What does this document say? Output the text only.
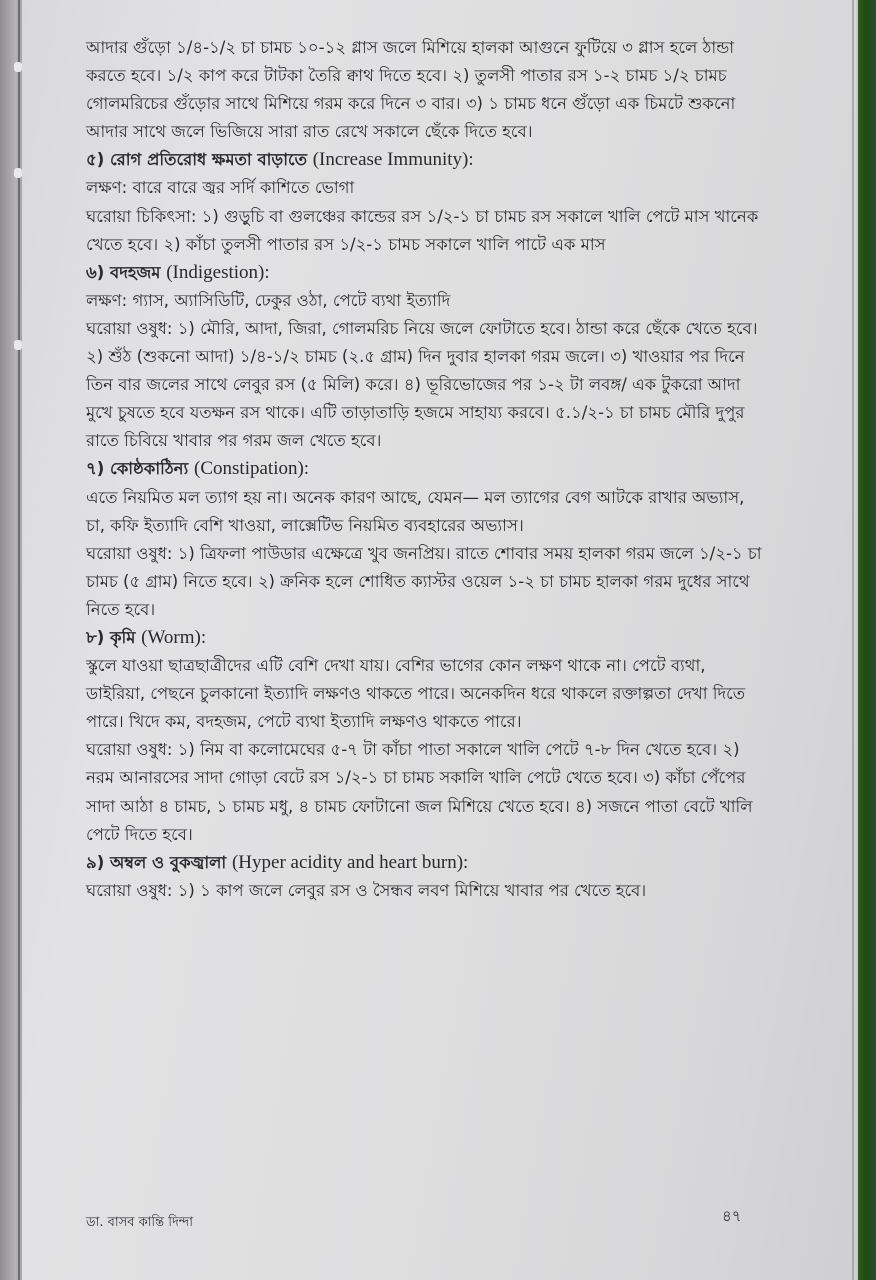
আদার গুঁড়ো ১/৪-১/২ চা চামচ ১০-১২ গ্লাস জলে মিশিয়ে হালকা আগুনে ফুটিয়ে ৩ গ্লাস হলে ঠান্ডা করতে হবে। ১/২ কাপ করে টাটকা তৈরি ক্বাথ দিতে হবে। ২) তুলসী পাতার রস ১-২ চামচ ১/২ চামচ গোলমরিচের গুঁড়োর সাথে মিশিয়ে গরম করে দিনে ৩ বার। ৩) ১ চামচ ধনে গুঁড়ো এক চিমটে শুকনো আদার সাথে জলে ভিজিয়ে সারা রাত রেখে সকালে ছেঁকে দিতে হবে।

৫) রোগ প্রতিরোধ ক্ষমতা বাড়াতে (Increase Immunity):

লক্ষণ: বারে বারে জ্বর সর্দি কাশিতে ভোগা

ঘরোয়া চিকিৎসা: ১) গুড়ুচি বা গুলঞ্চের কান্ডের রস ১/২-১ চা চামচ রস সকালে খালি পেটে মাস খানেক খেতে হবে। ২) কাঁচা তুলসী পাতার রস ১/২-১ চামচ সকালে খালি পাটে এক মাস

৬) বদহজম (Indigestion):

লক্ষণ: গ্যাস, অ্যাসিডিটি, ঢেকুর ওঠা, পেটে ব্যথা ইত্যাদি

ঘরোয়া ওষুধ: ১) মৌরি, আদা, জিরা, গোলমরিচ নিয়ে জলে ফোটাতে হবে। ঠান্ডা করে ছেঁকে খেতে হবে। ২) শুঁঠ (শুকনো আদা) ১/৪-১/২ চামচ (২.৫ গ্রাম) দিন দুবার হালকা গরম জলে। ৩) খাওয়ার পর দিনে তিন বার জলের সাথে লেবুর রস (৫ মিলি) করে। ৪) ভূরিভোজের পর ১-২ টা লবঙ্গ/ এক টুকরো আদা মুখে চুষতে হবে যতক্ষন রস থাকে। এটি তাড়াতাড়ি হজমে সাহায্য করবে। ৫.১/২-১ চা চামচ মৌরি দুপুর রাতে চিবিয়ে খাবার পর গরম জল খেতে হবে।

৭) কোষ্ঠকাঠিন্য (Constipation):

এতে নিয়মিত মল ত্যাগ হয় না। অনেক কারণ আছে, যেমন— মল ত্যাগের বেগ আটকে রাখার অভ্যাস, চা, কফি ইত্যাদি বেশি খাওয়া, লাক্সেটিভ নিয়মিত ব্যবহারের অভ্যাস।

ঘরোয়া ওষুধ: ১) ত্রিফলা পাউডার এক্ষেত্রে খুব জনপ্রিয়। রাতে শোবার সময় হালকা গরম জলে ১/২-১ চা চামচ (৫ গ্রাম) নিতে হবে। ২) ক্রনিক হলে শোধিত ক্যাস্টর ওয়েল ১-২ চা চামচ হালকা গরম দুধের সাথে নিতে হবে।

৮) কৃমি (Worm):

স্কুলে যাওয়া ছাত্রছাত্রীদের এটি বেশি দেখা যায়। বেশির ভাগের কোন লক্ষণ থাকে না। পেটে ব্যথা, ডাইরিয়া, পেছনে চুলকানো ইত্যাদি লক্ষণও থাকতে পারে। অনেকদিন ধরে থাকলে রক্তাল্পতা দেখা দিতে পারে। খিদে কম, বদহজম, পেটে ব্যথা ইত্যাদি লক্ষণও থাকতে পারে।

ঘরোয়া ওষুধ: ১) নিম বা কলোমেঘের ৫-৭ টা কাঁচা পাতা সকালে খালি পেটে ৭-৮ দিন খেতে হবে। ২) নরম আনারসের সাদা গোড়া বেটে রস ১/২-১ চা চামচ সকালি খালি পেটে খেতে হবে। ৩) কাঁচা পেঁপের সাদা আঠা ৪ চামচ, ১ চামচ মধু, ৪ চামচ ফোটানো জল মিশিয়ে খেতে হবে। ৪) সজনে পাতা বেটে খালি পেটে দিতে হবে।

৯) অম্বল ও বুকজ্বালা (Hyper acidity and heart burn):

ঘরোয়া ওষুধ: ১) ১ কাপ জলে লেবুর রস ও সৈন্ধব লবণ মিশিয়ে খাবার পর খেতে হবে।

ডা. বাসব কান্তি দিন্দা	৪৭
